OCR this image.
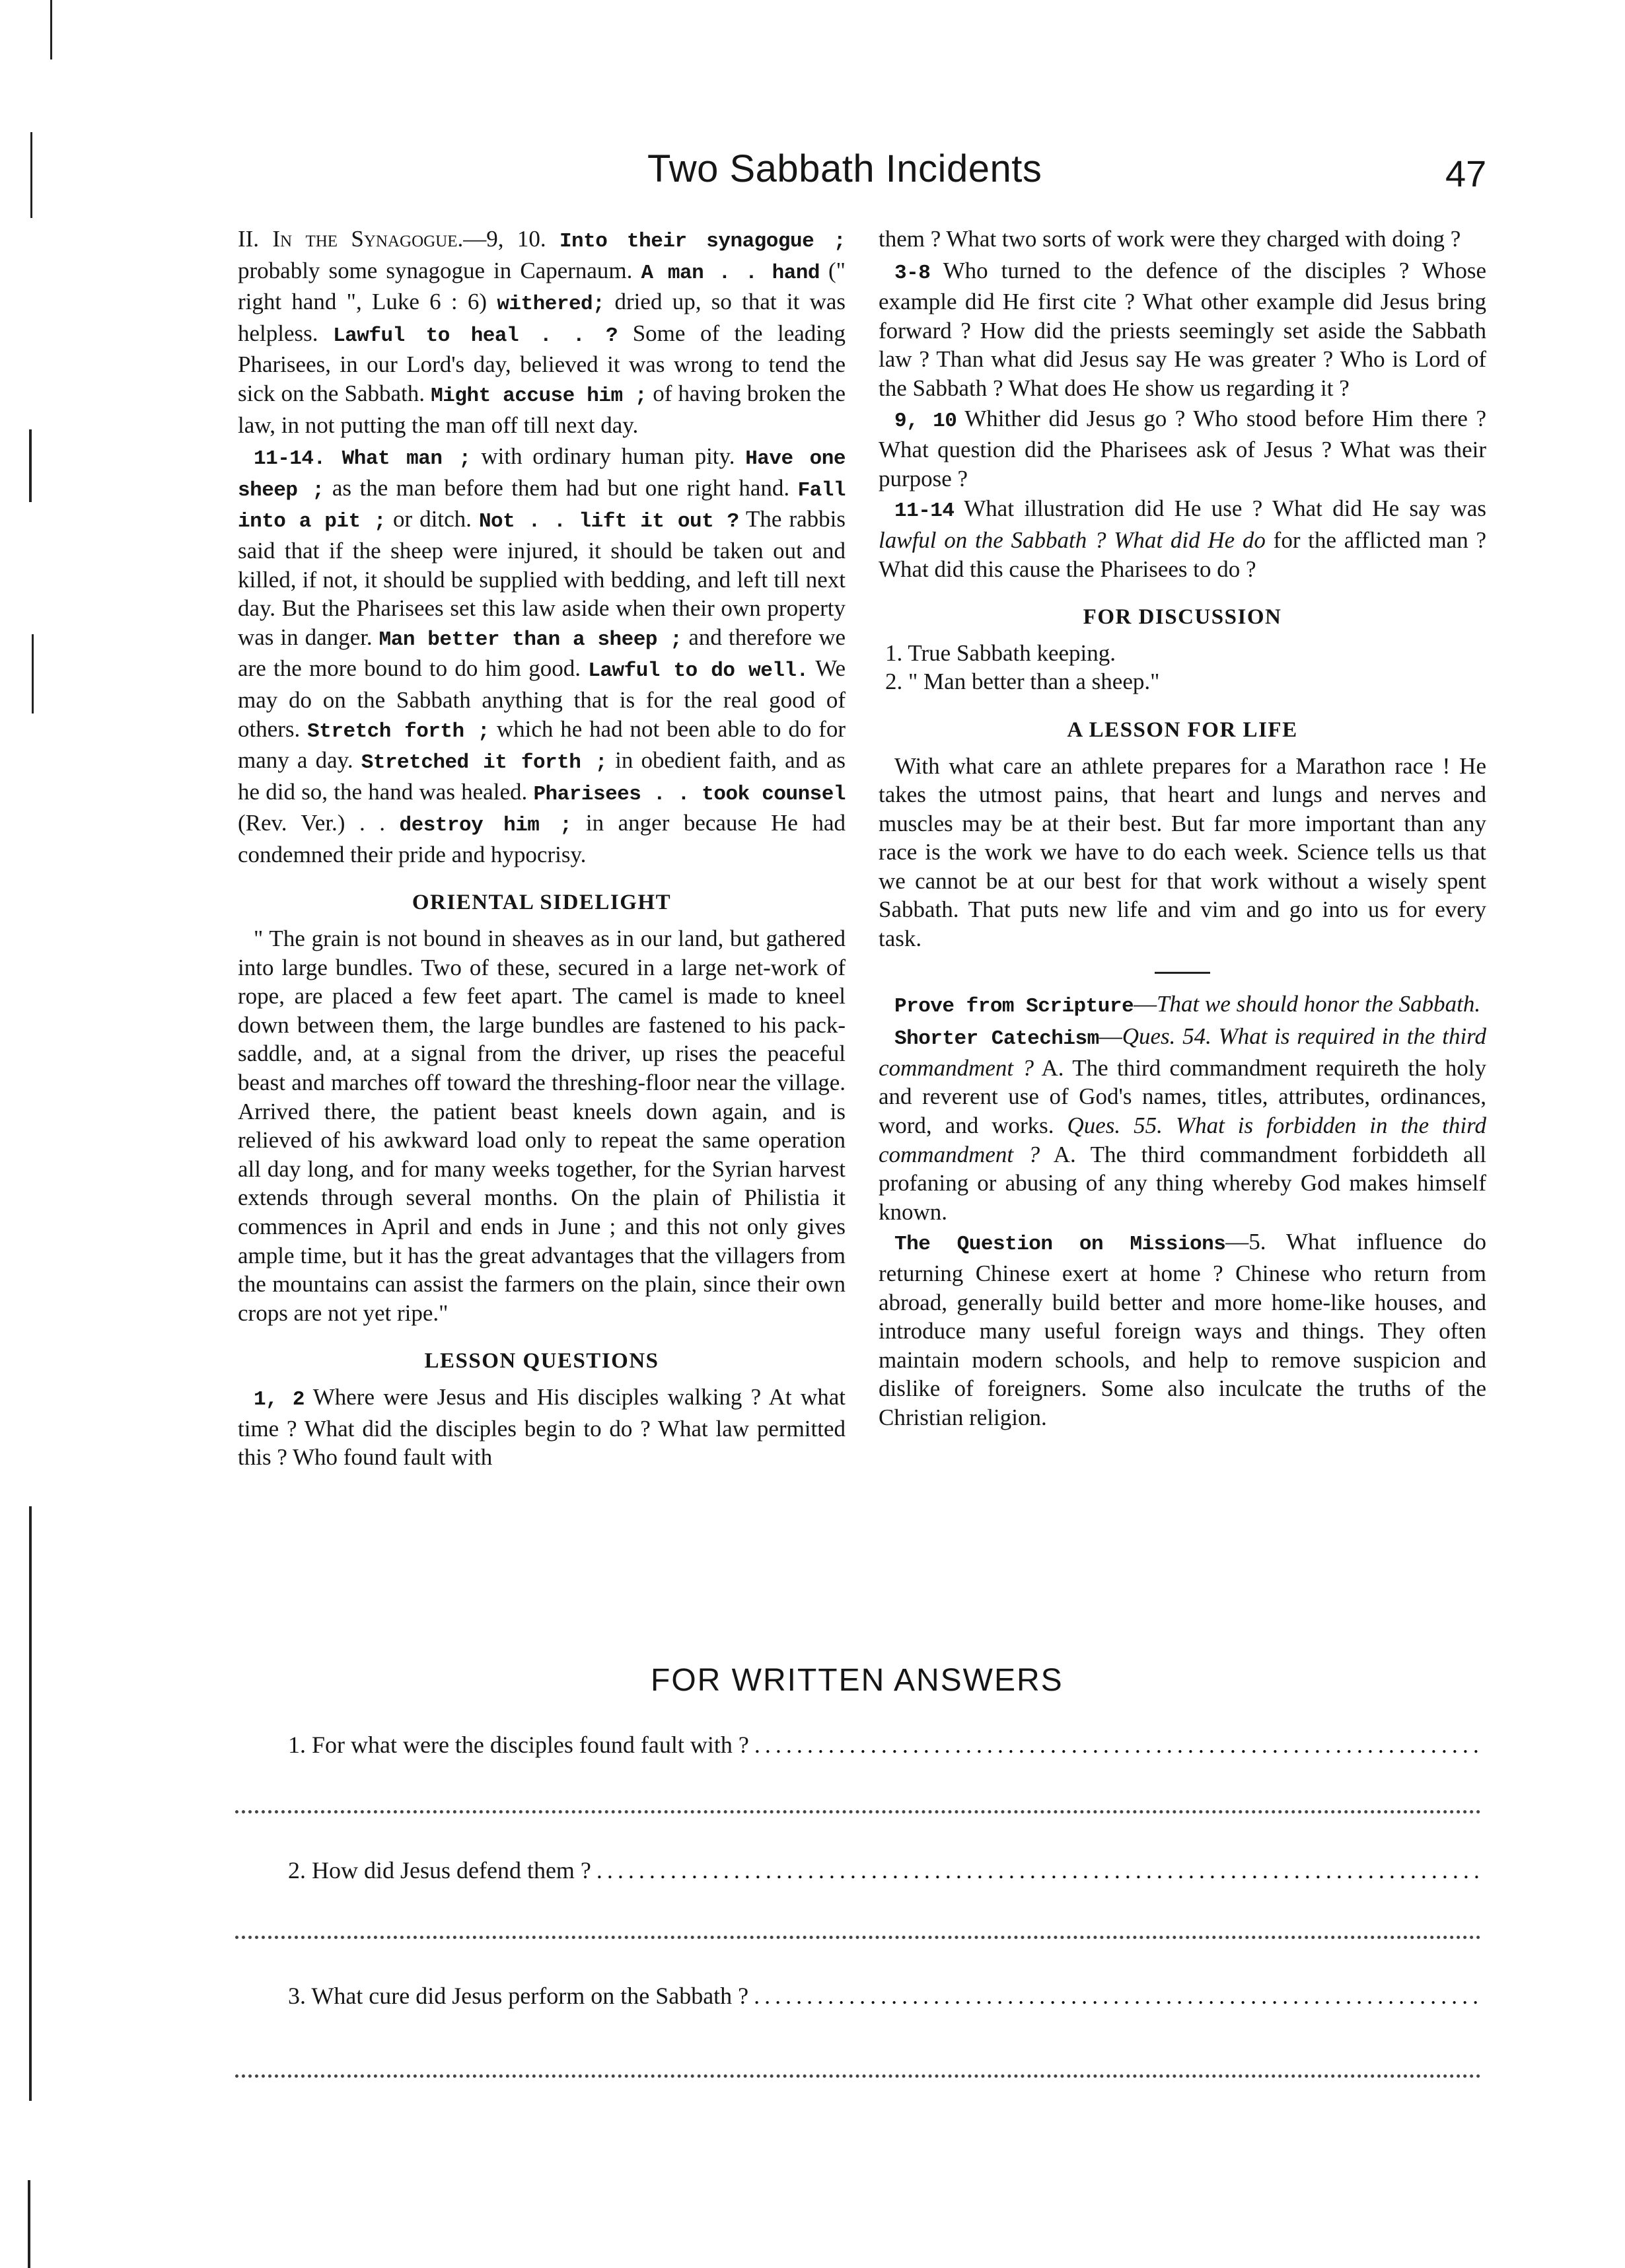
Two Sabbath Incidents	47

II. In the Synagogue.—9, 10. Into their synagogue ; probably some synagogue in Capernaum. A man . . hand (" right hand ", Luke 6 : 6) withered; dried up, so that it was helpless. Lawful to heal . . ? Some of the leading Pharisees, in our Lord's day, believed it was wrong to tend the sick on the Sabbath. Might accuse him ; of having broken the law, in not putting the man off till next day.

11-14. What man ; with ordinary human pity. Have one sheep ; as the man before them had but one right hand. Fall into a pit ; or ditch. Not . . lift it out ? The rabbis said that if the sheep were injured, it should be taken out and killed, if not, it should be supplied with bedding, and left till next day. But the Pharisees set this law aside when their own property was in danger. Man better than a sheep ; and therefore we are the more bound to do him good. Lawful to do well. We may do on the Sabbath anything that is for the real good of others. Stretch forth ; which he had not been able to do for many a day. Stretched it forth ; in obedient faith, and as he did so, the hand was healed. Pharisees . . took counsel (Rev. Ver.) . . destroy him ; in anger because He had condemned their pride and hypocrisy.

ORIENTAL SIDELIGHT

" The grain is not bound in sheaves as in our land, but gathered into large bundles. Two of these, secured in a large net-work of rope, are placed a few feet apart. The camel is made to kneel down between them, the large bundles are fastened to his pack-saddle, and, at a signal from the driver, up rises the peaceful beast and marches off toward the threshing-floor near the village. Arrived there, the patient beast kneels down again, and is relieved of his awkward load only to repeat the same operation all day long, and for many weeks together, for the Syrian harvest extends through several months. On the plain of Philistia it commences in April and ends in June ; and this not only gives ample time, but it has the great advantages that the villagers from the mountains can assist the farmers on the plain, since their own crops are not yet ripe."

LESSON QUESTIONS

1, 2 Where were Jesus and His disciples walking ? At what time ? What did the disciples begin to do ? What law permitted this ? Who found fault with

them ? What two sorts of work were they charged with doing ?

3-8 Who turned to the defence of the disciples ? Whose example did He first cite ? What other example did Jesus bring forward ? How did the priests seemingly set aside the Sabbath law ? Than what did Jesus say He was greater ? Who is Lord of the Sabbath ? What does He show us regarding it ?

9, 10 Whither did Jesus go ? Who stood before Him there ? What question did the Pharisees ask of Jesus ? What was their purpose ?

11-14 What illustration did He use ? What did He say was lawful on the Sabbath ? What did He do for the afflicted man ? What did this cause the Pharisees to do ?

FOR DISCUSSION
1. True Sabbath keeping.
2. " Man better than a sheep."
A LESSON FOR LIFE

With what care an athlete prepares for a Marathon race ! He takes the utmost pains, that heart and lungs and nerves and muscles may be at their best. But far more important than any race is the work we have to do each week. Science tells us that we cannot be at our best for that work without a wisely spent Sabbath. That puts new life and vim and go into us for every task.

Prove from Scripture—That we should honor the Sabbath.

Shorter Catechism—Ques. 54. What is required in the third commandment ? A. The third commandment requireth the holy and reverent use of God's names, titles, attributes, ordinances, word, and works. Ques. 55. What is forbidden in the third commandment ? A. The third commandment forbiddeth all profaning or abusing of any thing whereby God makes himself known.

The Question on Missions—5. What influence do returning Chinese exert at home ? Chinese who return from abroad, generally build better and more home-like houses, and introduce many useful foreign ways and things. They often maintain modern schools, and help to remove suspicion and dislike of foreigners. Some also inculcate the truths of the Christian religion.

FOR WRITTEN ANSWERS
1. For what were the disciples found fault with ? . . .
2. How did Jesus defend them ? . . .
3. What cure did Jesus perform on the Sabbath ? . . .
